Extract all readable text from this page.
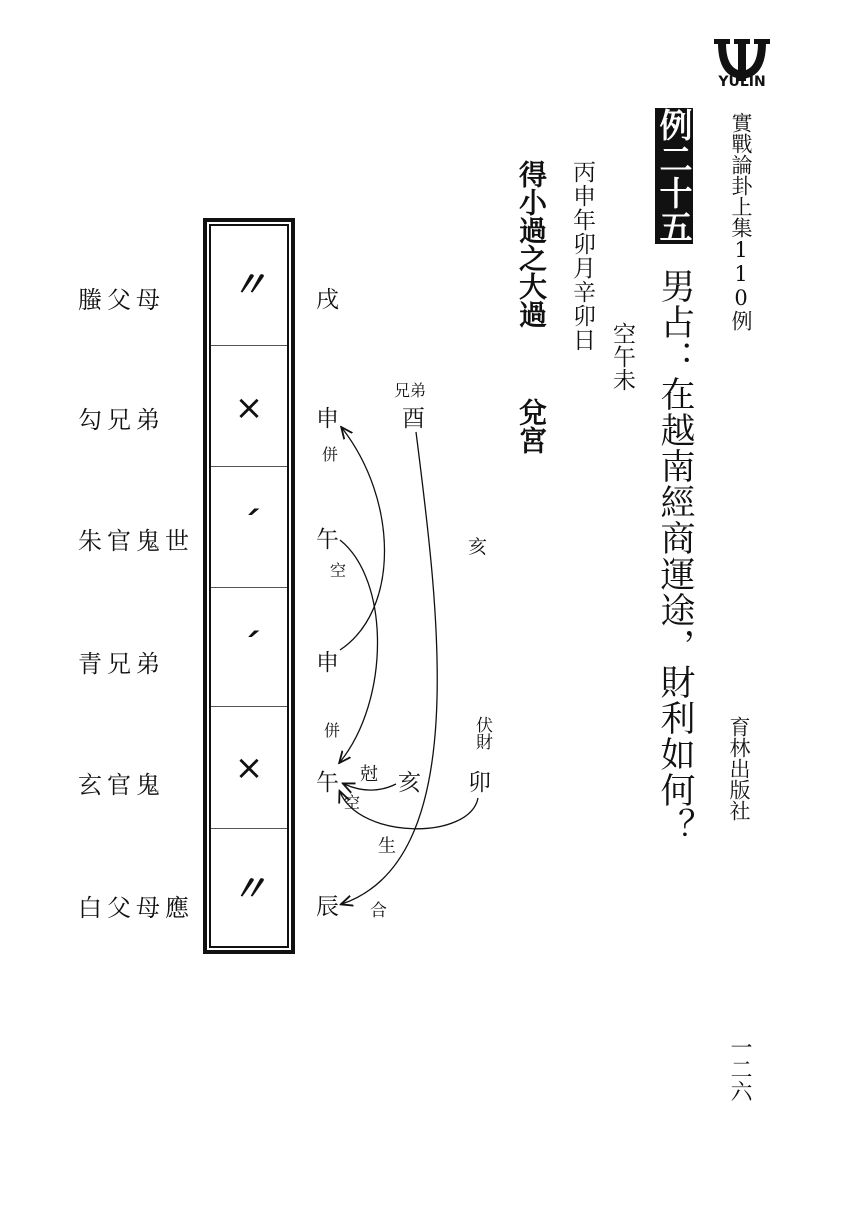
YULIN
實戰論卦上集110例
例二十五
男占：在越南經商運途，財利如何？
空午未
丙申年卯月辛卯日
得小過之大過
兌宮
育林出版社
一二六
螣父母
勾兄弟
朱官鬼世
青兄弟
玄官鬼
白父母應
〃
×
ˊ
ˊ
×
〃
戌
申
午
申
午
辰
併
空
併
空
兄弟
酉
亥
伏財
卯
亥
尅
生
合
